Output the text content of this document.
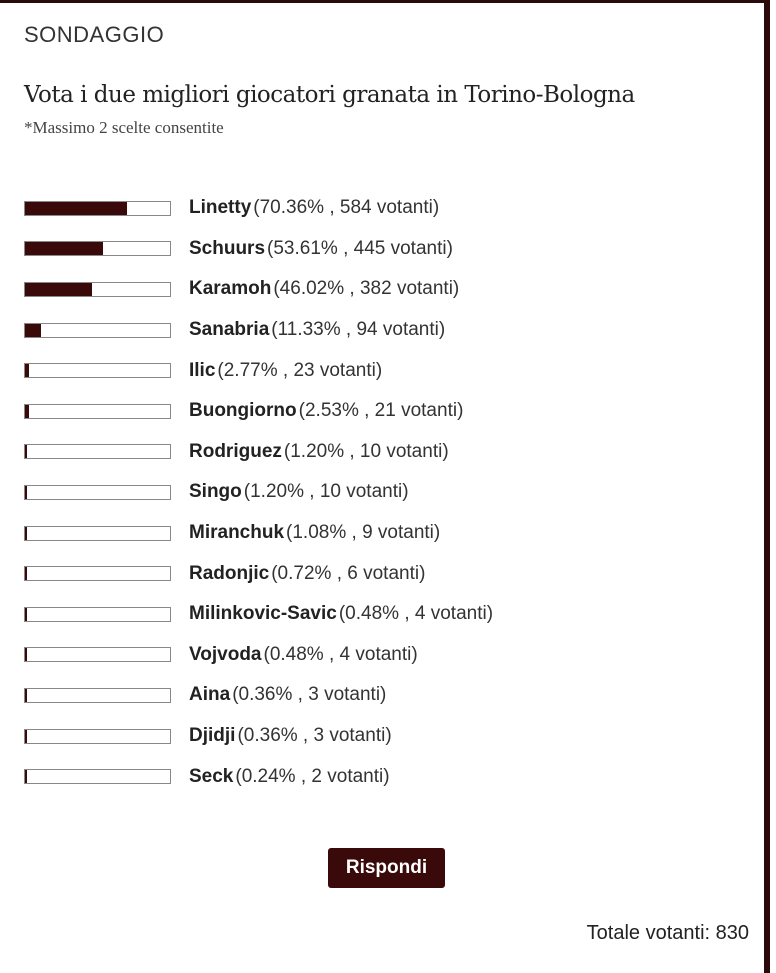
SONDAGGIO
Vota i due migliori giocatori granata in Torino-Bologna
*Massimo 2 scelte consentite
Linetty (70.36% , 584 votanti)
Schuurs (53.61% , 445 votanti)
Karamoh (46.02% , 382 votanti)
Sanabria (11.33% , 94 votanti)
Ilic (2.77% , 23 votanti)
Buongiorno (2.53% , 21 votanti)
Rodriguez (1.20% , 10 votanti)
Singo (1.20% , 10 votanti)
Miranchuk (1.08% , 9 votanti)
Radonjic (0.72% , 6 votanti)
Milinkovic-Savic (0.48% , 4 votanti)
Vojvoda (0.48% , 4 votanti)
Aina (0.36% , 3 votanti)
Djidji (0.36% , 3 votanti)
Seck (0.24% , 2 votanti)
Rispondi
Totale votanti: 830
